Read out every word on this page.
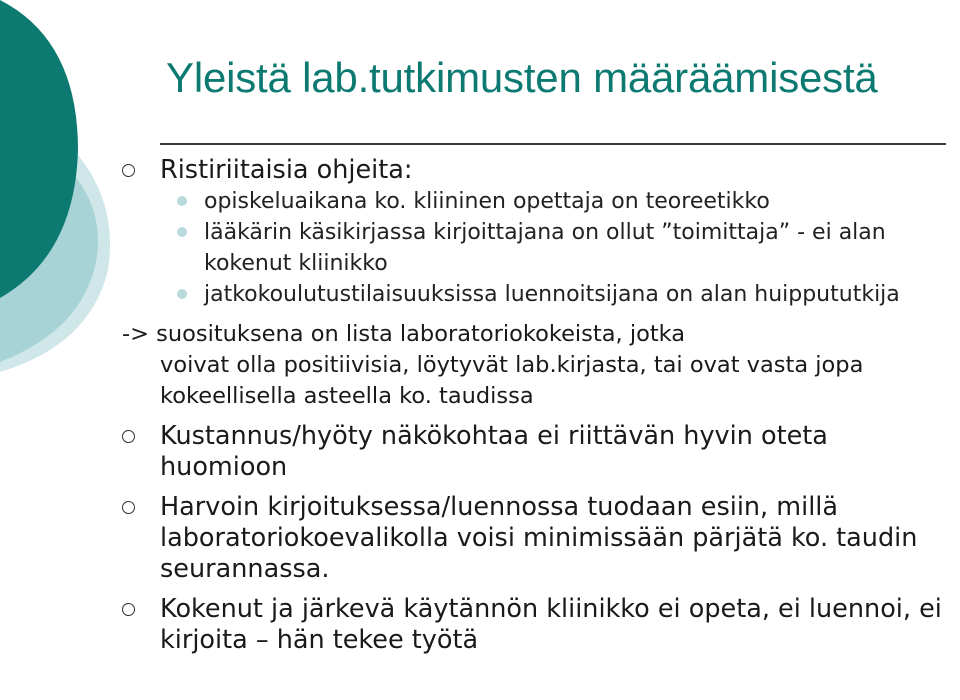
Yleistä lab.tutkimusten määräämisestä
Ristiriitaisia ohjeita:
opiskeluaikana ko. kliininen opettaja on teoreetikko
lääkärin käsikirjassa kirjoittajana on ollut ”toimittaja” - ei alan kokenut kliinikko
jatkokoulutustilaisuuksissa luennoitsijana on alan huippututkija
-> suosituksena on lista laboratoriokokeista, jotka
voivat olla positiivisia, löytyvät lab.kirjasta, tai ovat vasta jopa kokeellisella asteella ko. taudissa
Kustannus/hyöty näkökohtaa ei riittävän hyvin oteta huomioon
Harvoin kirjoituksessa/luennossa tuodaan esiin, millä laboratoriokoevalikolla voisi minimissään pärjätä ko. taudin seurannassa.
Kokenut ja järkevä käytännön kliinikko ei opeta, ei luennoi, ei kirjoita – hän tekee työtä
